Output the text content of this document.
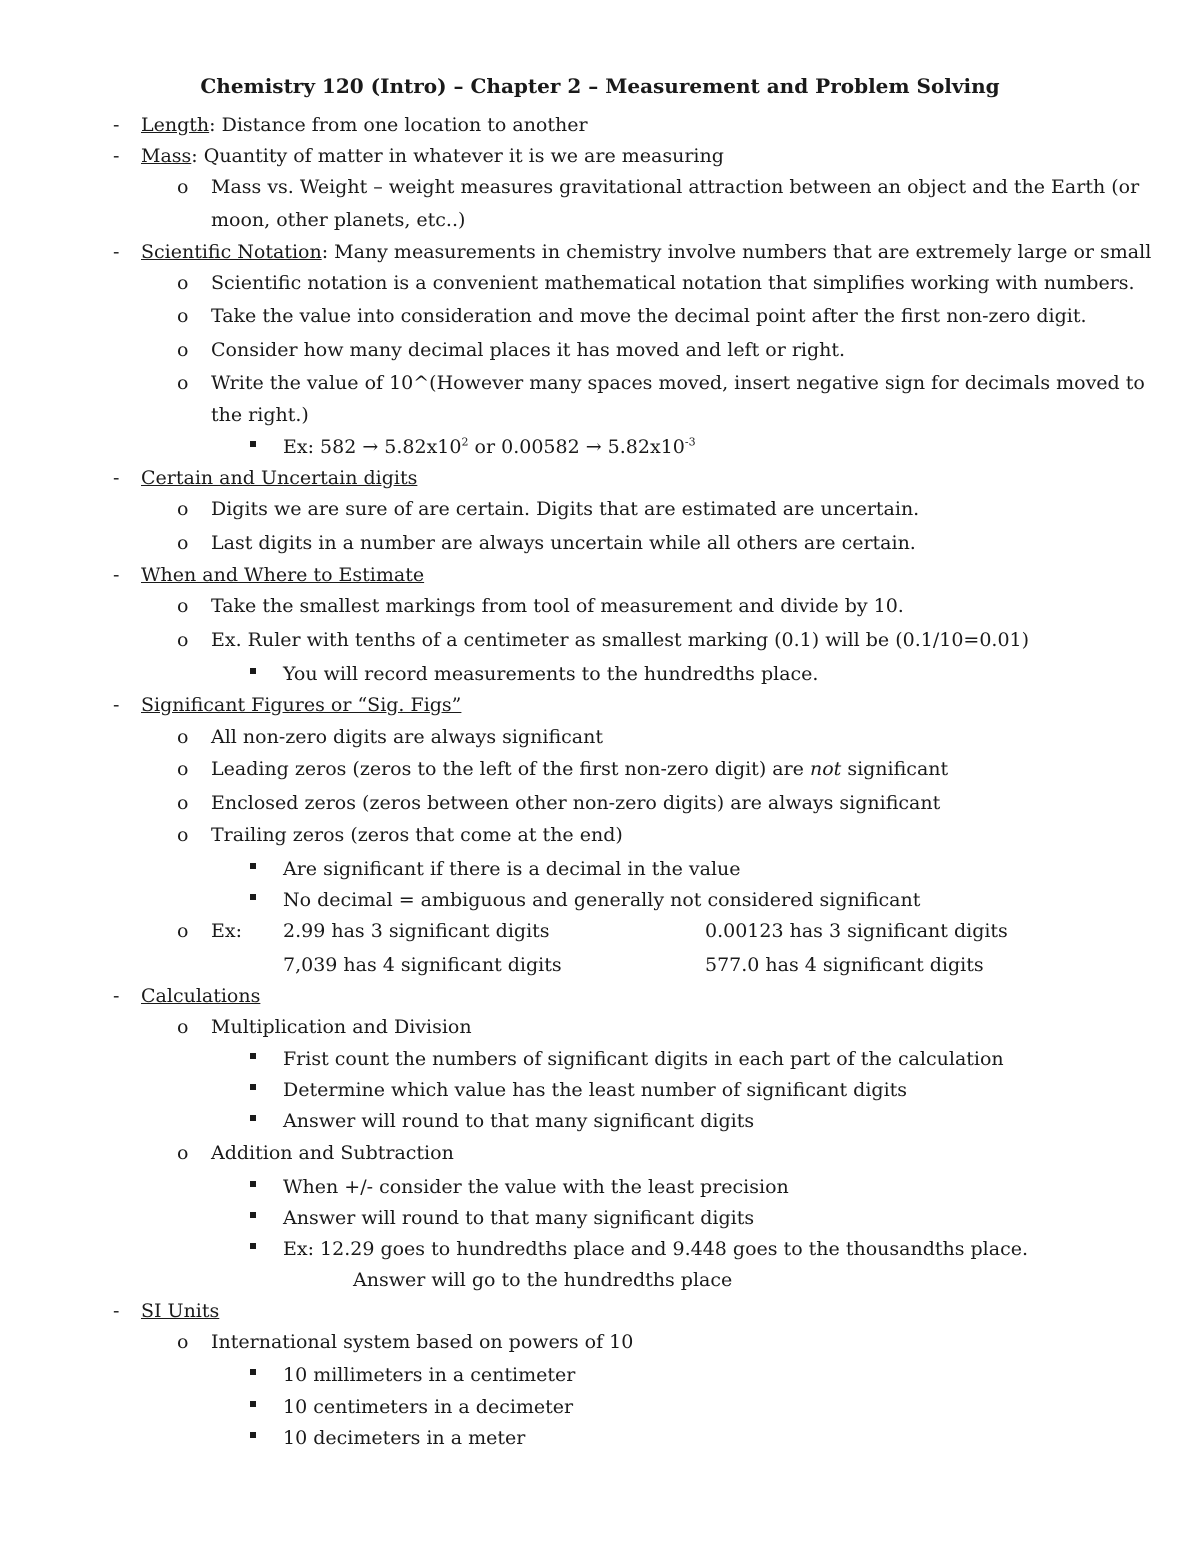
Chemistry 120 (Intro) – Chapter 2 – Measurement and Problem Solving
- Length: Distance from one location to another
- Mass: Quantity of matter in whatever it is we are measuring
o Mass vs. Weight – weight measures gravitational attraction between an object and the Earth (or
moon, other planets, etc..)
- Scientific Notation: Many measurements in chemistry involve numbers that are extremely large or small
o Scientific notation is a convenient mathematical notation that simplifies working with numbers.
o Take the value into consideration and move the decimal point after the first non-zero digit.
o Consider how many decimal places it has moved and left or right.
o Write the value of 10^(However many spaces moved, insert negative sign for decimals moved to
the right.)
Ex: $582 \to 5.82x10^2$ or $0.00582 \to 5.82x10^{-3}$
- Certain and Uncertain digits
o Digits we are sure of are certain. Digits that are estimated are uncertain.
o Last digits in a number are always uncertain while all others are certain.
- When and Where to Estimate
o Take the smallest markings from tool of measurement and divide by 10.
o Ex. Ruler with tenths of a centimeter as smallest marking (0.1) will be (0.1/10=0.01)
You will record measurements to the hundredths place.
- Significant Figures or “Sig. Figs”
o All non-zero digits are always significant
o Leading zeros (zeros to the left of the first non-zero digit) are not significant
o Enclosed zeros (zeros between other non-zero digits) are always significant
o Trailing zeros (zeros that come at the end)
Are significant if there is a decimal in the value
No decimal = ambiguous and generally not considered significant
o Ex: 2.99 has 3 significant digits	0.00123 has 3 significant digits
7,039 has 4 significant digits	577.0 has 4 significant digits
- Calculations
o Multiplication and Division
Frist count the numbers of significant digits in each part of the calculation
Determine which value has the least number of significant digits
Answer will round to that many significant digits
o Addition and Subtraction
When +/- consider the value with the least precision
Answer will round to that many significant digits
Ex: 12.29 goes to hundredths place and 9.448 goes to the thousandths place.
Answer will go to the hundredths place
- SI Units
o International system based on powers of 10
10 millimeters in a centimeter
10 centimeters in a decimeter
10 decimeters in a meter
